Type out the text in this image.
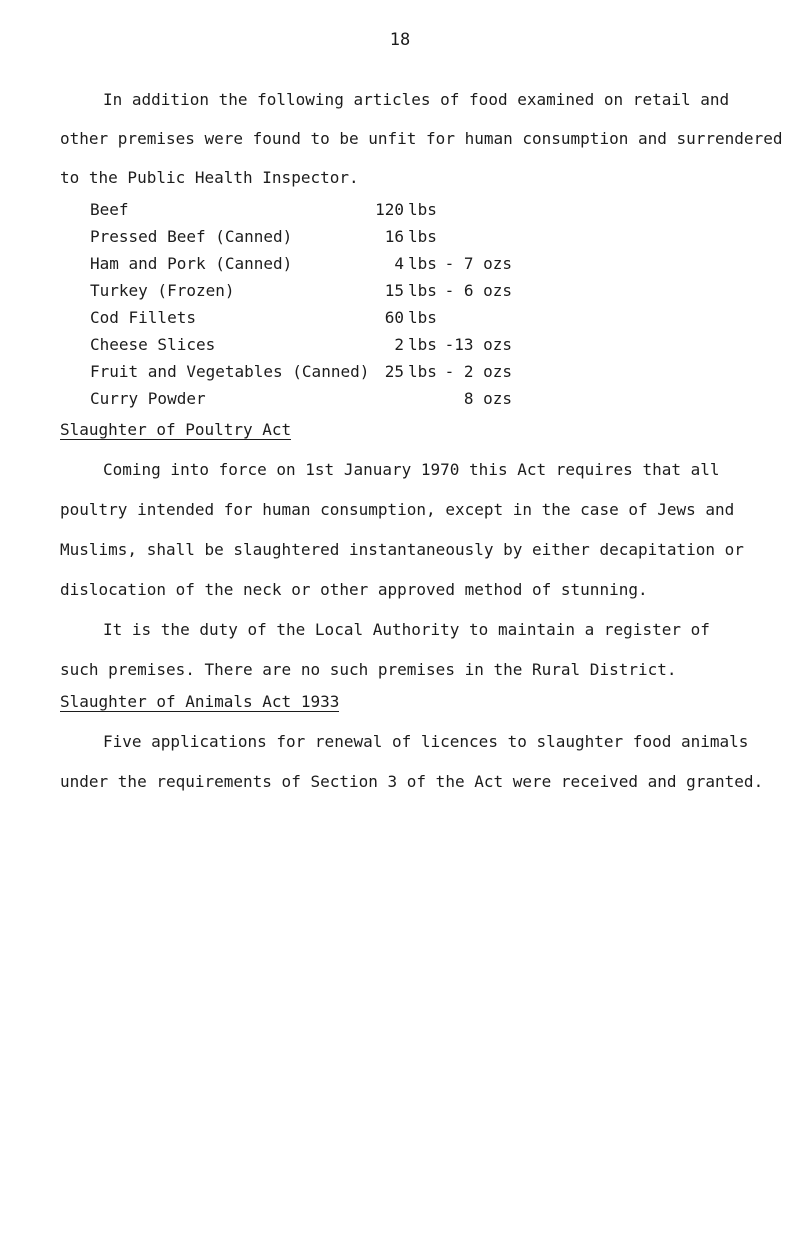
18
In addition the following articles of food examined on retail and
other premises were found to be unfit for human consumption and surrendered
to the Public Health Inspector.
Beef	120 lbs
Pressed Beef (Canned)	16 lbs
Ham and Pork (Canned)	4 lbs - 7 ozs
Turkey (Frozen)	15 lbs - 6 ozs
Cod Fillets	60 lbs
Cheese Slices	2 lbs -13 ozs
Fruit and Vegetables (Canned) 25 lbs - 2 ozs
Curry Powder	8 ozs
Slaughter of Poultry Act
Coming into force on 1st January 1970 this Act requires that all
poultry intended for human consumption, except in the case of Jews and
Muslims, shall be slaughtered instantaneously by either decapitation or
dislocation of the neck or other approved method of stunning.
It is the duty of the Local Authority to maintain a register of
such premises. There are no such premises in the Rural District.
Slaughter of Animals Act 1933
Five applications for renewal of licences to slaughter food animals
under the requirements of Section 3 of the Act were received and granted.
